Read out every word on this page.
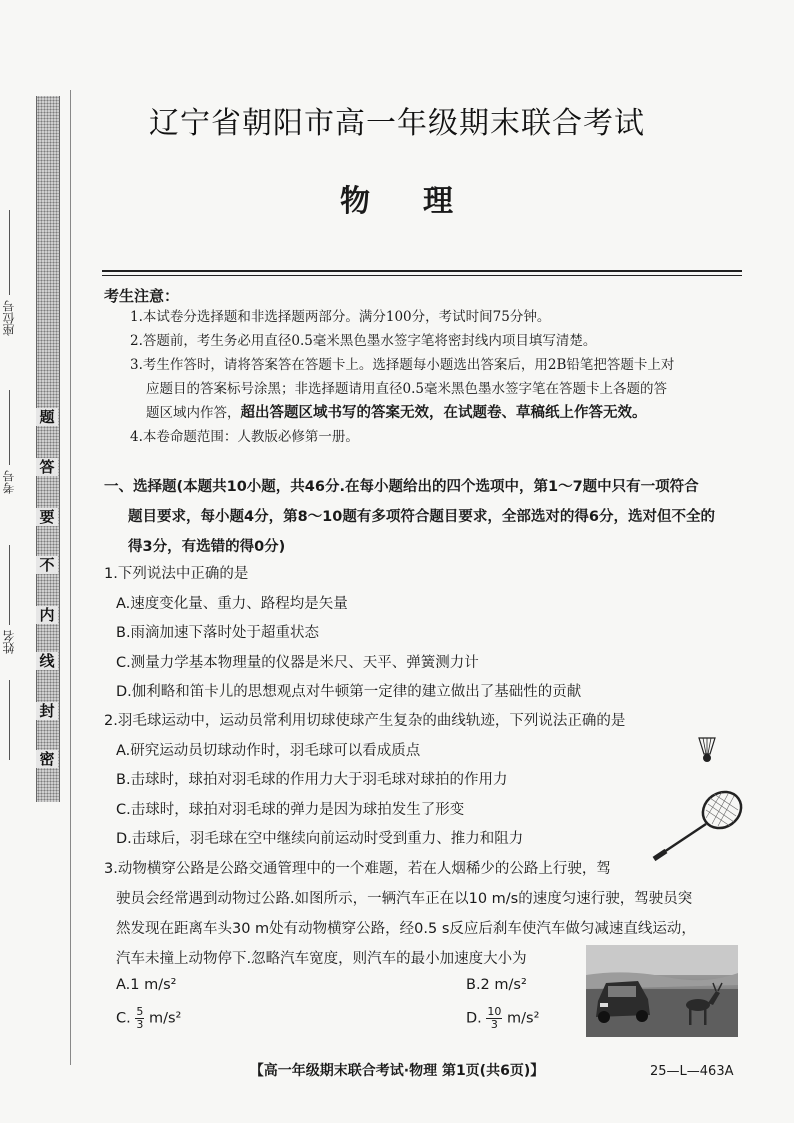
座位号
考号
姓名
题
答
要
不
内
线
封
密
辽宁省朝阳市高一年级期末联合考试
物 理
考生注意：

1.本试卷分选择题和非选择题两部分。满分100分，考试时间75分钟。

2.答题前，考生务必用直径0.5毫米黑色墨水签字笔将密封线内项目填写清楚。

3.考生作答时，请将答案答在答题卡上。选择题每小题选出答案后，用2B铅笔把答题卡上对

应题目的答案标号涂黑；非选择题请用直径0.5毫米黑色墨水签字笔在答题卡上各题的答

题区域内作答，超出答题区域书写的答案无效，在试题卷、草稿纸上作答无效。

4.本卷命题范围：人教版必修第一册。

一、选择题(本题共10小题，共46分.在每小题给出的四个选项中，第1～7题中只有一项符合
题目要求，每小题4分，第8～10题有多项符合题目要求，全部选对的得6分，选对但不全的
得3分，有选错的得0分)
1.下列说法中正确的是
A.速度变化量、重力、路程均是矢量
B.雨滴加速下落时处于超重状态
C.测量力学基本物理量的仪器是米尺、天平、弹簧测力计
D.伽利略和笛卡儿的思想观点对牛顿第一定律的建立做出了基础性的贡献
2.羽毛球运动中，运动员常利用切球使球产生复杂的曲线轨迹，下列说法正确的是
A.研究运动员切球动作时，羽毛球可以看成质点
B.击球时，球拍对羽毛球的作用力大于羽毛球对球拍的作用力
C.击球时，球拍对羽毛球的弹力是因为球拍发生了形变
D.击球后，羽毛球在空中继续向前运动时受到重力、推力和阻力
3.动物横穿公路是公路交通管理中的一个难题，若在人烟稀少的公路上行驶，驾
驶员会经常遇到动物过公路.如图所示，一辆汽车正在以10 m/s的速度匀速行驶，驾驶员突
然发现在距离车头30 m处有动物横穿公路，经0.5 s反应后刹车使汽车做匀减速直线运动，
汽车未撞上动物停下.忽略汽车宽度，则汽车的最小加速度大小为
A.1 m/s²	B.2 m/s²
C. $\frac{5}{3} m/s^2$	D. $\frac{10}{3} m/s^2$
【高一年级期末联合考试·物理 第1页(共6页)】	25—L—463A
